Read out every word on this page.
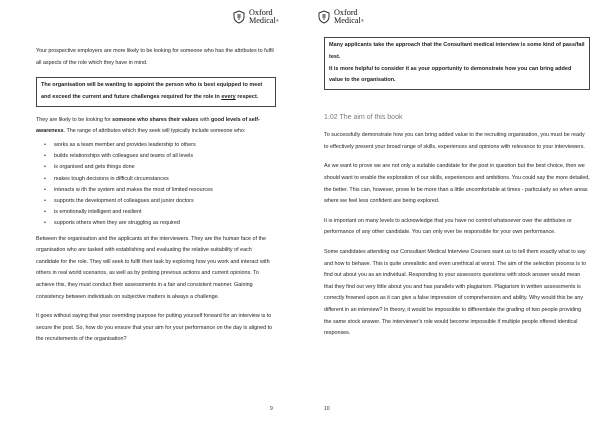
Oxford
Medical®

Your prospective employers are more likely to be looking for someone who has the attributes to fulfil all aspects of the role which they have in mind.

The organisation will be wanting to appoint the person who is best equipped to meet and exceed the current and future challenges required for the role in every respect.

They are likely to be looking for someone who shares their values with good levels of self-awareness. The range of attributes which they seek will typically include someone who:

• works as a team member and provides leadership to others
• builds relationships with colleagues and teams of all levels
• is organised and gets things done
• makes tough decisions in difficult circumstances
• interacts w ith the system and makes the most of limited resources
• supports the development of colleagues and junior doctors
• is emotionally intelligent and resilient
• supports others when they are struggling as required

Between the organisation and the applicants sit the interviewers. They are the human face of the organisation who are tasked with establishing and evaluating the relative suitability of each candidate for the role. They will seek to fulfil their task by exploring how you work and interact with others in real world scenarios, as well as by probing previous actions and current opinions. To achieve this, they must conduct their assessments in a fair and consistent manner. Gaining consistency between individuals on subjective matters is always a challenge.

It goes without saying that your overriding purpose for putting yourself forward for an interview is to secure the post. So, how do you ensure that your aim for your performance on the day is aligned to the recruitements of the organisation?

9
Oxford
Medical®
Many applicants take the approach that the Consultant medical interview is some kind of pass/fail test.
It is more helpful to consider it as your opportunity to demonstrate how you can bring added value to the organisation.
1.02 The aim of this book

To successfully demonstrate how you can bring added value to the recruiting organisation, you must be ready to effectively present your broad range of skills, experiences and opinions with relevance to your interviewers.

As we want to prove we are not only a suitable candidate for the post in question but the best choice, then we should want to enable the exploration of our skills, experiences and ambitions. You could say the more detailed, the better. This can, however, prove to be more than a little uncomfortable at times - particularly so when areas where we feel less confident are being explored.

It is important on many levels to acknowledge that you have no control whatsoever over the attributes or performance of any other candidate. You can only ever be responsible for your own performance.

Some candidates attending our Consultant Medical Interview Courses want us to tell them exactly what to say and how to behave. This is quite unrealistic and even unethical at worst. The aim of the selection process is to find out about you as an individual. Responding to your assessors questions with stock answer would mean that they find out very little about you and has parallels with plagiarism. Plagiarism in written assessments is correctly frowned upon as it can give a false impression of comprehension and ability. Why would this be any different in an interview? In theory, it would be impossible to differentiate the grading of two people providing the same stock answer. The interviewer's role would become impossible if multiple people offered identical responses.

10
